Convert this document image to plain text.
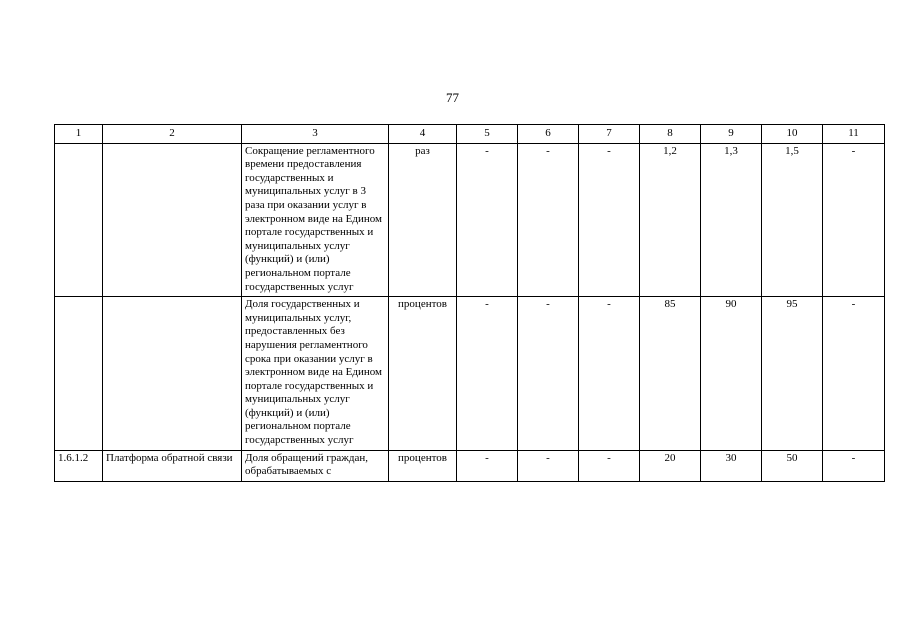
77
1	2	3	4	5	6	7	8	9	10	11
		Сокращение регламентного времени предоставления государственных и муниципальных услуг в 3 раза при оказании услуг в электронном виде на Едином портале государственных и муниципальных услуг (функций) и (или) региональном портале государственных услуг	раз	-	-	-	1,2	1,3	1,5	-
		Доля государственных и муниципальных услуг, предоставленных без нарушения регламентного срока при оказании услуг в электронном виде на Едином портале государственных и муниципальных услуг (функций) и (или) региональном портале государственных услуг	процентов	-	-	-	85	90	95	-
1.6.1.2	Платформа обратной связи	Доля обращений граждан, обрабатываемых с	процентов	-	-	-	20	30	50	-
